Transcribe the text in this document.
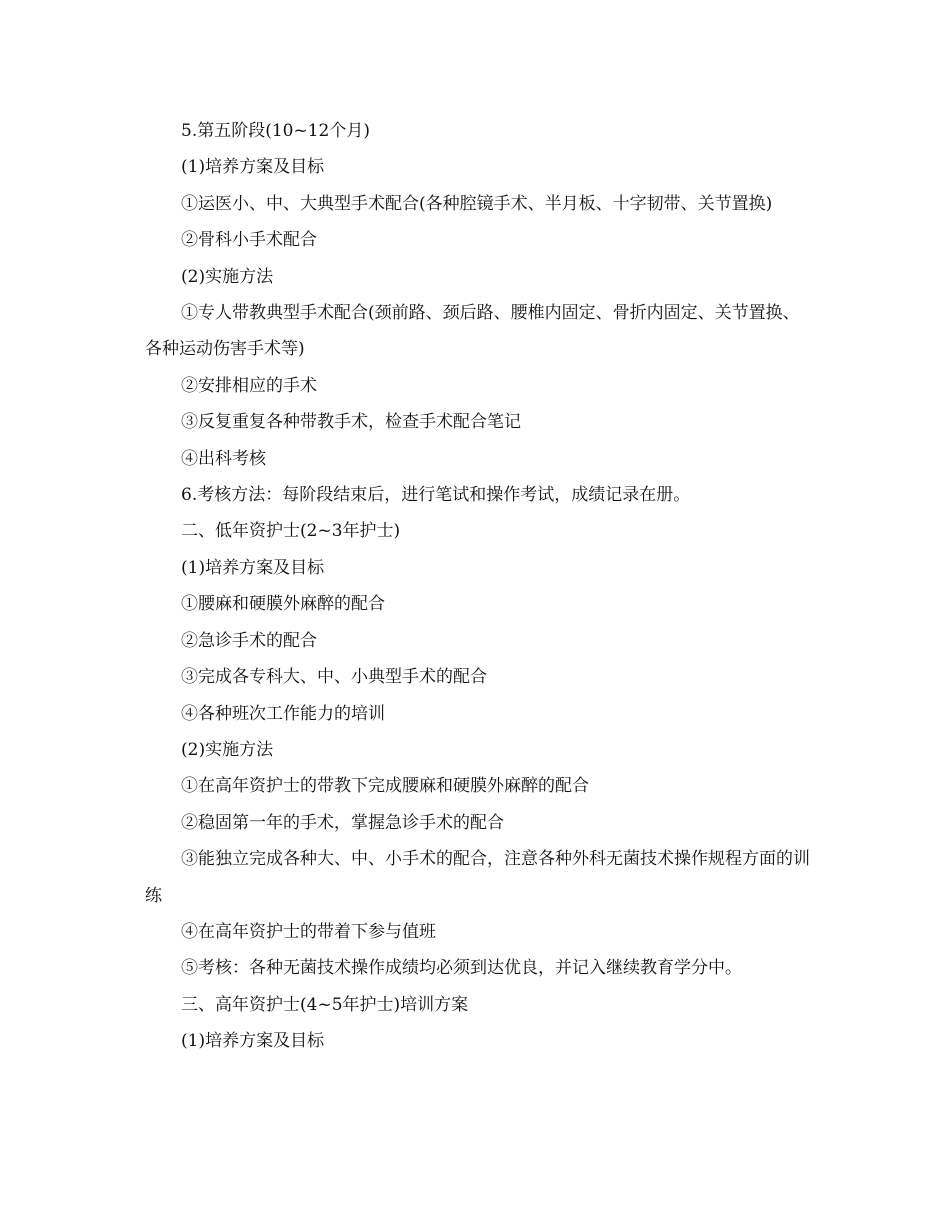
5.第五阶段(10~12个月)

(1)培养方案及目标

①运医小、中、大典型手术配合(各种腔镜手术、半月板、十字韧带、关节置换)

②骨科小手术配合

(2)实施方法

①专人带教典型手术配合(颈前路、颈后路、腰椎内固定、骨折内固定、关节置换、各种运动伤害手术等)

②安排相应的手术

③反复重复各种带教手术，检查手术配合笔记

④出科考核

6.考核方法：每阶段结束后，进行笔试和操作考试，成绩记录在册。

二、低年资护士(2~3年护士)

(1)培养方案及目标

①腰麻和硬膜外麻醉的配合

②急诊手术的配合

③完成各专科大、中、小典型手术的配合

④各种班次工作能力的培训

(2)实施方法

①在高年资护士的带教下完成腰麻和硬膜外麻醉的配合

②稳固第一年的手术，掌握急诊手术的配合

③能独立完成各种大、中、小手术的配合，注意各种外科无菌技术操作规程方面的训练

④在高年资护士的带着下参与值班

⑤考核：各种无菌技术操作成绩均必须到达优良，并记入继续教育学分中。

三、高年资护士(4~5年护士)培训方案

(1)培养方案及目标
